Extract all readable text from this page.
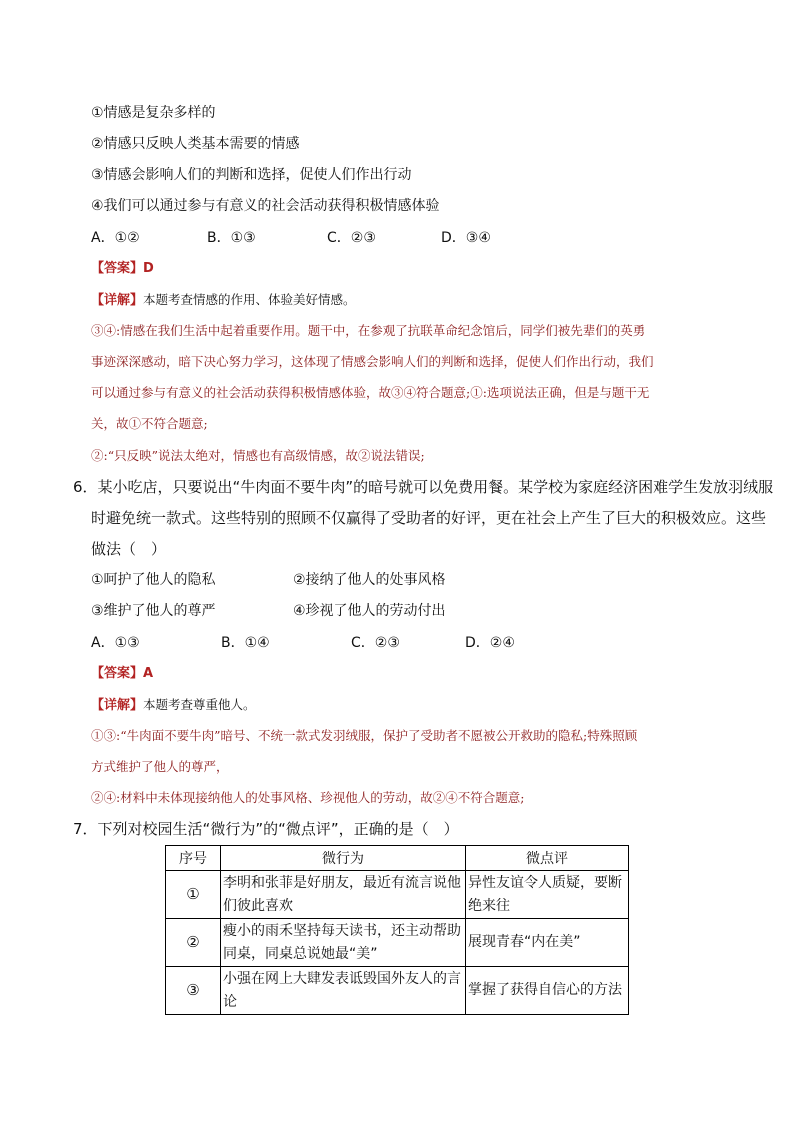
①情感是复杂多样的
②情感只反映人类基本需要的情感
③情感会影响人们的判断和选择，促使人们作出行动
④我们可以通过参与有意义的社会活动获得积极情感体验
A．①②	B．①③	C．②③	D．③④
【答案】D
【详解】本题考查情感的作用、体验美好情感。
③④:情感在我们生活中起着重要作用。题干中，在参观了抗联革命纪念馆后，同学们被先辈们的英勇
事迹深深感动，暗下决心努力学习，这体现了情感会影响人们的判断和选择，促使人们作出行动，我们
可以通过参与有意义的社会活动获得积极情感体验，故③④符合题意;①:选项说法正确，但是与题干无
关，故①不符合题意;
②:“只反映”说法太绝对，情感也有高级情感，故②说法错误;
6．某小吃店，只要说出“牛肉面不要牛肉”的暗号就可以免费用餐。某学校为家庭经济困难学生发放羽绒服
时避免统一款式。这些特别的照顾不仅赢得了受助者的好评，更在社会上产生了巨大的积极效应。这些
做法（　）
①呵护了他人的隐私	②接纳了他人的处事风格
③维护了他人的尊严	④珍视了他人的劳动付出
A．①③	B．①④	C．②③	D．②④
【答案】A
【详解】本题考查尊重他人。
①③:“牛肉面不要牛肉”暗号、不统一款式发羽绒服，保护了受助者不愿被公开救助的隐私;特殊照顾
方式维护了他人的尊严，
②④:材料中未体现接纳他人的处事风格、珍视他人的劳动，故②④不符合题意;
7．下列对校园生活“微行为”的“微点评”，正确的是（　）
序号	微行为	微点评
①	李明和张菲是好朋友，最近有流言说他们彼此喜欢	异性友谊令人质疑，要断绝来往
②	瘦小的雨禾坚持每天读书，还主动帮助同桌，同桌总说她最“美”	展现青春“内在美”
③	小强在网上大肆发表诋毁国外友人的言论	掌握了获得自信心的方法
